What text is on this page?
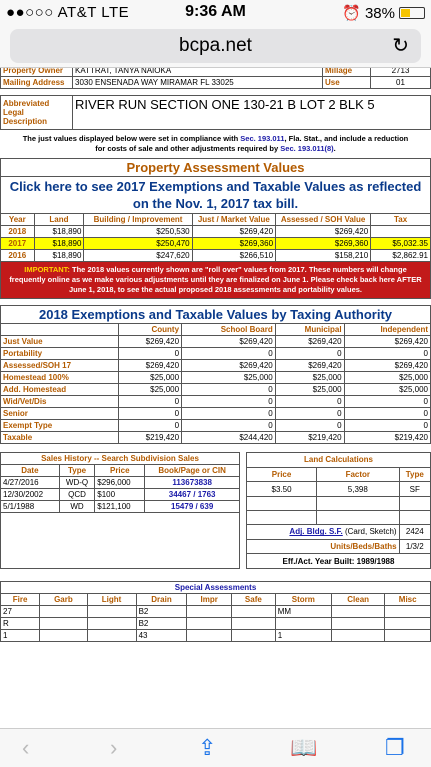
●●○○○ AT&T LTE	9:36 AM	⏰ 38%
bcpa.net	↻
Property Owner	KATTRAT, TANYA NAIOKA	Millage	2713
Mailing Address	3030 ENSENADA WAY MIRAMAR FL 33025	Use	01
Abbreviated Legal Description	RIVER RUN SECTION ONE 130-21 B LOT 2 BLK 5
The just values displayed below were set in compliance with Sec. 193.011, Fla. Stat., and include a reduction for costs of sale and other adjustments required by Sec. 193.011(8).
Property Assessment Values					
Click here to see 2017 Exemptions and Taxable Values as reflected on the Nov. 1, 2017 tax bill.					
Year	Land	Building / Improvement	Just / Market Value	Assessed / SOH Value	Tax
2018	$18,890	$250,530	$269,420	$269,420	
2017	$18,890	$250,470	$269,360	$269,360	$5,032.35
2016	$18,890	$247,620	$266,510	$158,210	$2,862.91
IMPORTANT: The 2018 values currently shown are "roll over" values from 2017. These numbers will change frequently online as we make various adjustments until they are finalized on June 1. Please check back here AFTER June 1, 2018, to see the actual proposed 2018 assessments and portability values.					
2018 Exemptions and Taxable Values by Taxing Authority				
	County	School Board	Municipal	Independent
Just Value	$269,420	$269,420	$269,420	$269,420
Portability	0	0	0	0
Assessed/SOH 17	$269,420	$269,420	$269,420	$269,420
Homestead 100%	$25,000	$25,000	$25,000	$25,000
Add. Homestead	$25,000	0	$25,000	$25,000
Wid/Vet/Dis	0	0	0	0
Senior	0	0	0	0
Exempt Type	0	0	0	0
Taxable	$219,420	$244,420	$219,420	$219,420
Sales History -- Search Subdivision Sales			
Date	Type	Price	Book/Page or CIN
4/27/2016	WD-Q	$296,000	113673838
12/30/2002	QCD	$100	34467 / 1763
5/1/1988	WD	$121,100	15479 / 639

Land Calculations		
Price	Factor	Type
$3.50	5,398	SF

Adj. Bldg. S.F. (Card, Sketch)		2424
Units/Beds/Baths		1/3/2
Eff./Act. Year Built: 1989/1988		
Special Assessments								
Fire	Garb	Light	Drain	Impr	Safe	Storm	Clean	Misc
27			B2			MM		
R			B2					
1			43			1		
‹	›	⇪	📖	❐
